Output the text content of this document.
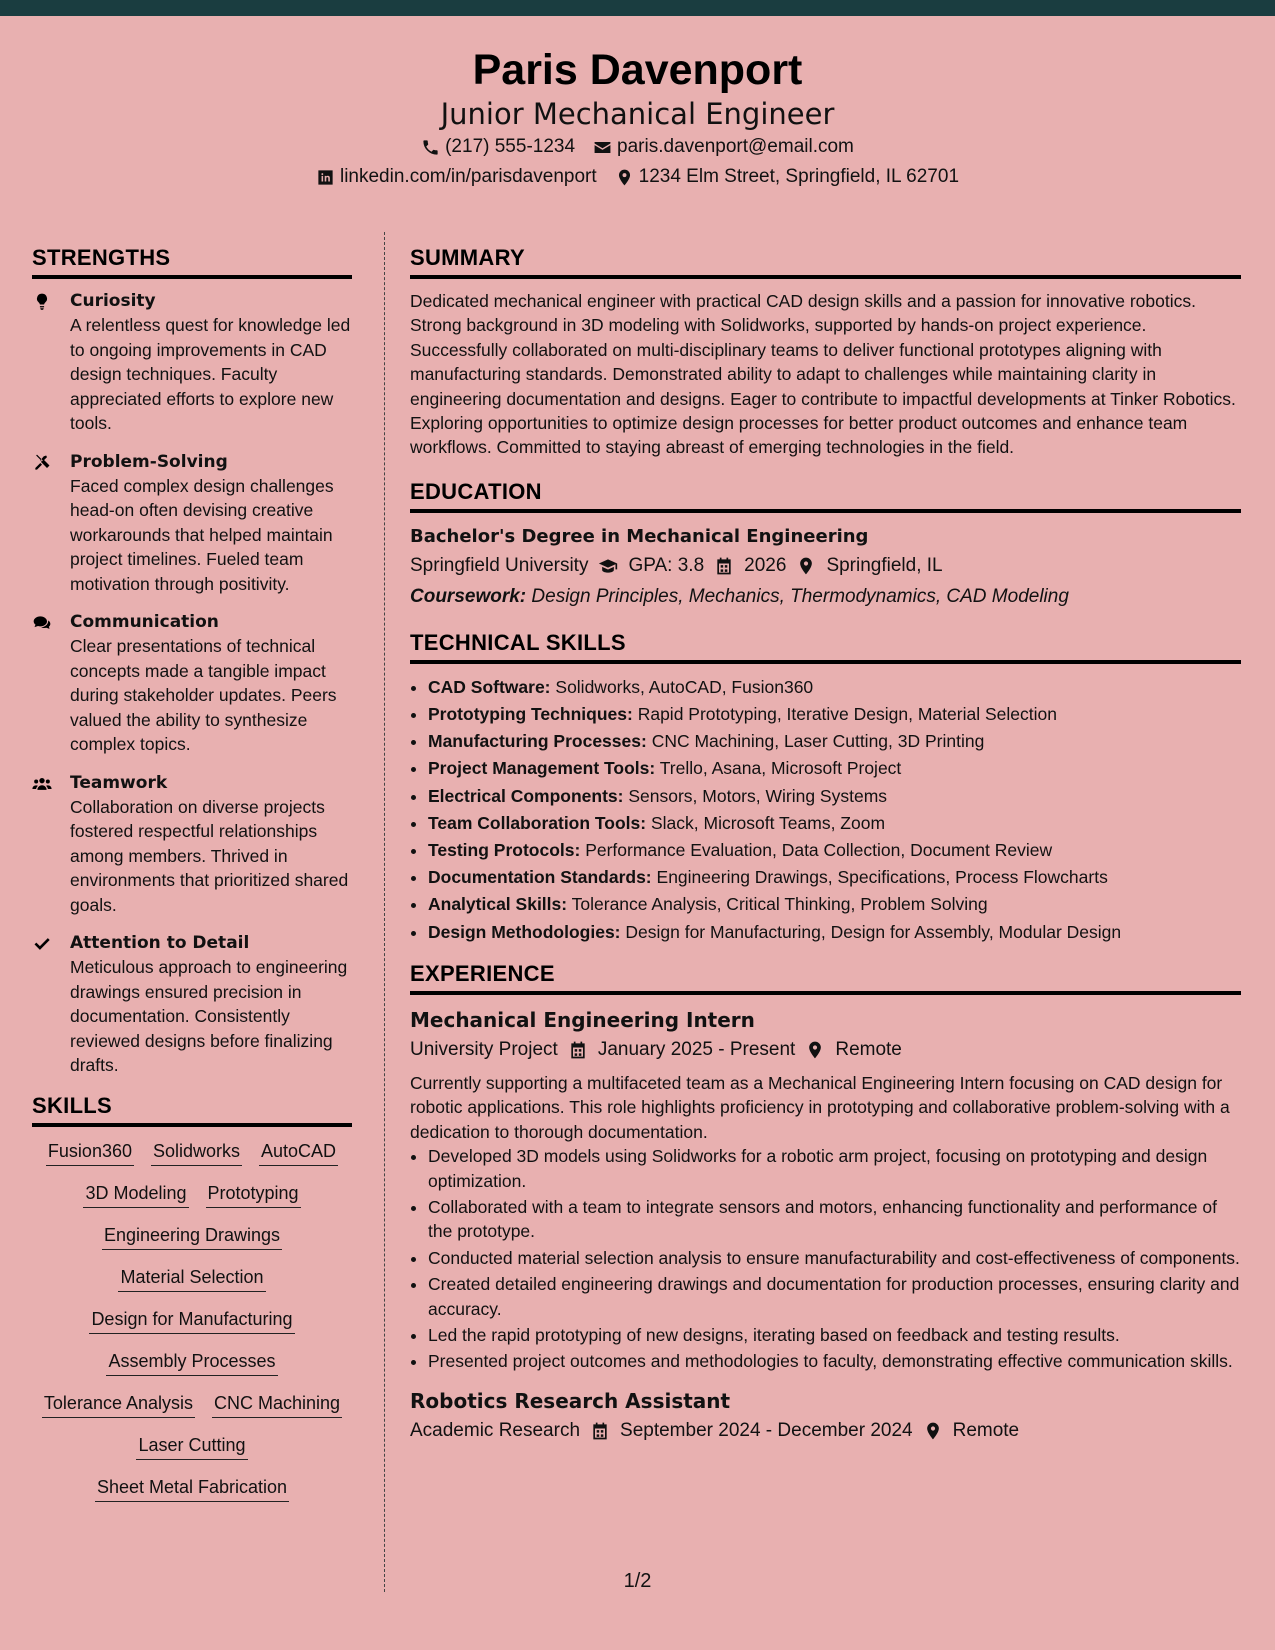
Paris Davenport
Junior Mechanical Engineer
(217) 555-1234 paris.davenport@email.com
linkedin.com/in/parisdavenport 1234 Elm Street, Springfield, IL 62701
STRENGTHS
Curiosity
A relentless quest for knowledge led to ongoing improvements in CAD design techniques. Faculty appreciated efforts to explore new tools.
Problem-Solving
Faced complex design challenges head-on often devising creative workarounds that helped maintain project timelines. Fueled team motivation through positivity.
Communication
Clear presentations of technical concepts made a tangible impact during stakeholder updates. Peers valued the ability to synthesize complex topics.
Teamwork
Collaboration on diverse projects fostered respectful relationships among members. Thrived in environments that prioritized shared goals.
Attention to Detail
Meticulous approach to engineering drawings ensured precision in documentation. Consistently reviewed designs before finalizing drafts.
SKILLS
Fusion360 Solidworks AutoCAD
3D Modeling Prototyping
Engineering Drawings
Material Selection
Design for Manufacturing
Assembly Processes
Tolerance Analysis CNC Machining
Laser Cutting
Sheet Metal Fabrication
SUMMARY
Dedicated mechanical engineer with practical CAD design skills and a passion for innovative robotics. Strong background in 3D modeling with Solidworks, supported by hands-on project experience. Successfully collaborated on multi-disciplinary teams to deliver functional prototypes aligning with manufacturing standards. Demonstrated ability to adapt to challenges while maintaining clarity in engineering documentation and designs. Eager to contribute to impactful developments at Tinker Robotics. Exploring opportunities to optimize design processes for better product outcomes and enhance team workflows. Committed to staying abreast of emerging technologies in the field.
EDUCATION
Bachelor's Degree in Mechanical Engineering
Springfield University GPA: 3.8 2026 Springfield, IL
Coursework: Design Principles, Mechanics, Thermodynamics, CAD Modeling
TECHNICAL SKILLS
• CAD Software: Solidworks, AutoCAD, Fusion360
• Prototyping Techniques: Rapid Prototyping, Iterative Design, Material Selection
• Manufacturing Processes: CNC Machining, Laser Cutting, 3D Printing
• Project Management Tools: Trello, Asana, Microsoft Project
• Electrical Components: Sensors, Motors, Wiring Systems
• Team Collaboration Tools: Slack, Microsoft Teams, Zoom
• Testing Protocols: Performance Evaluation, Data Collection, Document Review
• Documentation Standards: Engineering Drawings, Specifications, Process Flowcharts
• Analytical Skills: Tolerance Analysis, Critical Thinking, Problem Solving
• Design Methodologies: Design for Manufacturing, Design for Assembly, Modular Design
EXPERIENCE
Mechanical Engineering Intern
University Project January 2025 - Present Remote
Currently supporting a multifaceted team as a Mechanical Engineering Intern focusing on CAD design for robotic applications. This role highlights proficiency in prototyping and collaborative problem-solving with a dedication to thorough documentation.
• Developed 3D models using Solidworks for a robotic arm project, focusing on prototyping and design optimization.
• Collaborated with a team to integrate sensors and motors, enhancing functionality and performance of the prototype.
• Conducted material selection analysis to ensure manufacturability and cost-effectiveness of components.
• Created detailed engineering drawings and documentation for production processes, ensuring clarity and accuracy.
• Led the rapid prototyping of new designs, iterating based on feedback and testing results.
• Presented project outcomes and methodologies to faculty, demonstrating effective communication skills.
Robotics Research Assistant
Academic Research September 2024 - December 2024 Remote
1/2
